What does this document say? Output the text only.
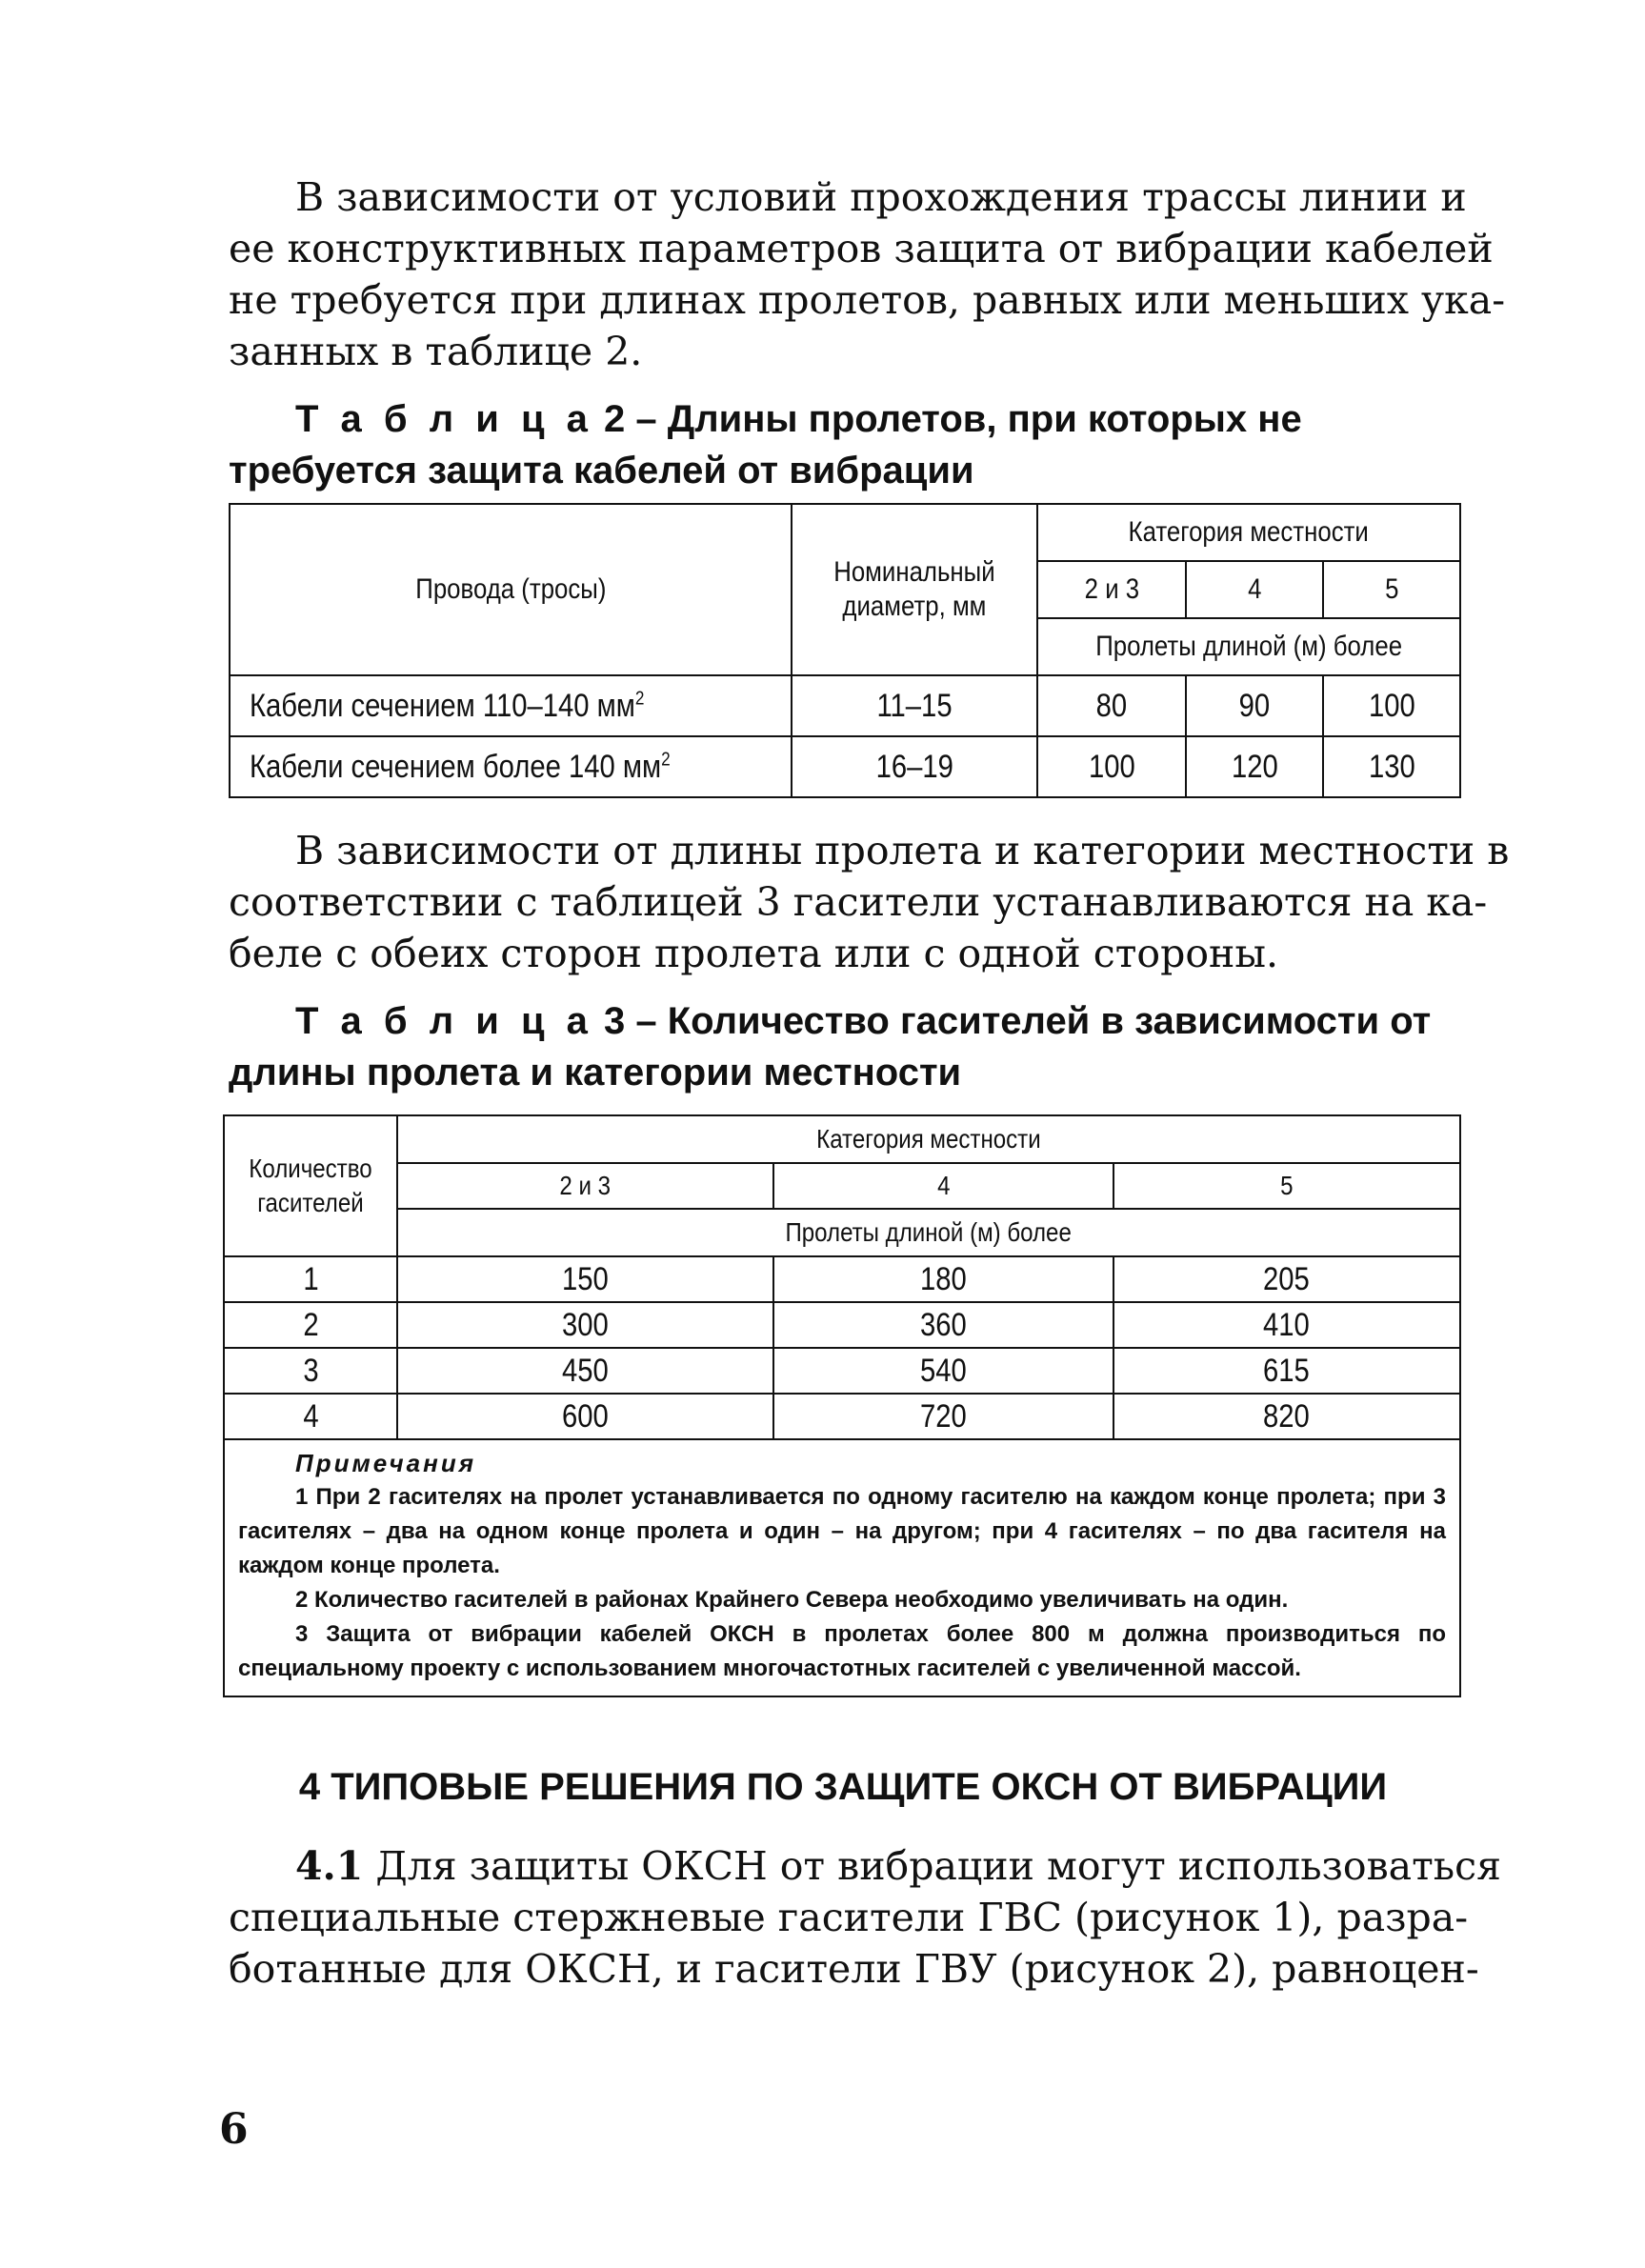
В зависимости от условий прохождения трассы линии и
ее конструктивных параметров защита от вибрации кабелей
не требуется при длинах пролетов, равных или меньших ука-
занных в таблице 2.
Т а б л и ц а 2 – Длины пролетов, при которых не
требуется защита кабелей от вибрации
Провода (тросы)	Номинальный диаметр, мм	Категория местности		
		2 и 3	4	5
		Пролеты длиной (м) более		
Кабели сечением 110–140 $мм^2$	11–15	80	90	100
Кабели сечением более 140 $мм^2$	16–19	100	120	130
В зависимости от длины пролета и категории местности в
соответствии с таблицей 3 гасители устанавливаются на ка-
беле с обеих сторон пролета или с одной стороны.
Т а б л и ц а 3 – Количество гасителей в зависимости от
длины пролета и категории местности
Количество гасителей	Категория местности		
	2 и 3	4	5
	Пролеты длиной (м) более		
1	150	180	205
2	300	360	410
3	450	540	615
4	600	720	820

Примечания

1 При 2 гасителях на пролет устанавливается по одному гасителю на каждом конце пролета; при 3 гасителях – два на одном конце пролета и один – на другом; при 4 гасителях – по два гасителя на каждом конце пролета.

2 Количество гасителей в районах Крайнего Севера необходимо увеличивать на один.

3 Защита от вибрации кабелей ОКСН в пролетах более 800 м должна производиться по специальному проекту с использованием многочастотных гасителей с увеличенной массой.			

4 ТИПОВЫЕ РЕШЕНИЯ ПО ЗАЩИТЕ ОКСН ОТ ВИБРАЦИИ
4.1 Для защиты ОКСН от вибрации могут использоваться
специальные стержневые гасители ГВС (рисунок 1), разра-
ботанные для ОКСН, и гасители ГВУ (рисунок 2), равноцен-
6
